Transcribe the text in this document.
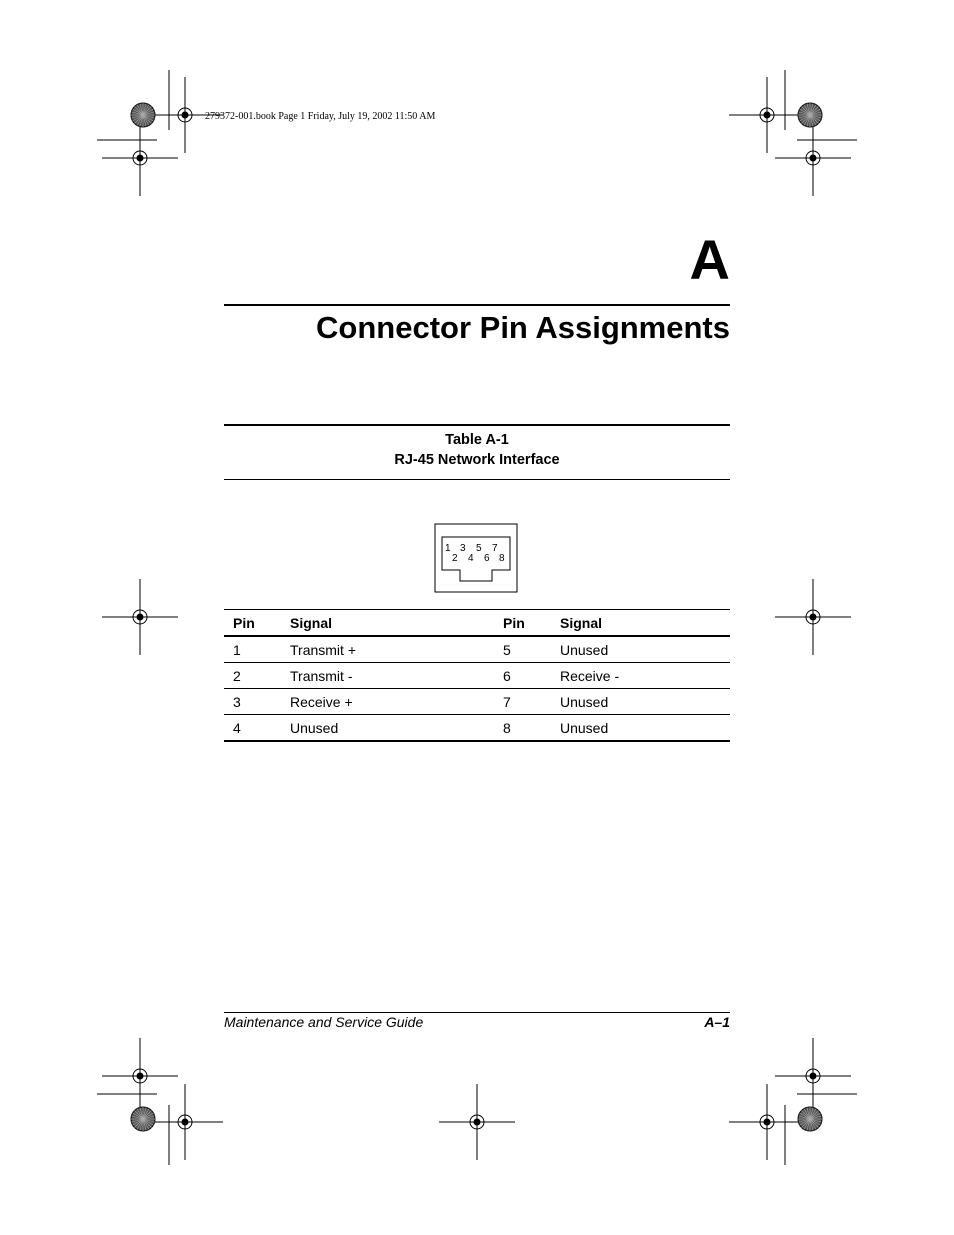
279372-001.book Page 1 Friday, July 19, 2002 11:50 AM
A
Connector Pin Assignments
Table A-1
RJ-45 Network Interface
1 3 5 7
2 4 6 8
Pin	Signal	Pin	Signal
1	Transmit +	5	Unused
2	Transmit -	6	Receive -
3	Receive +	7	Unused
4	Unused	8	Unused
Maintenance and Service Guide	A–1
